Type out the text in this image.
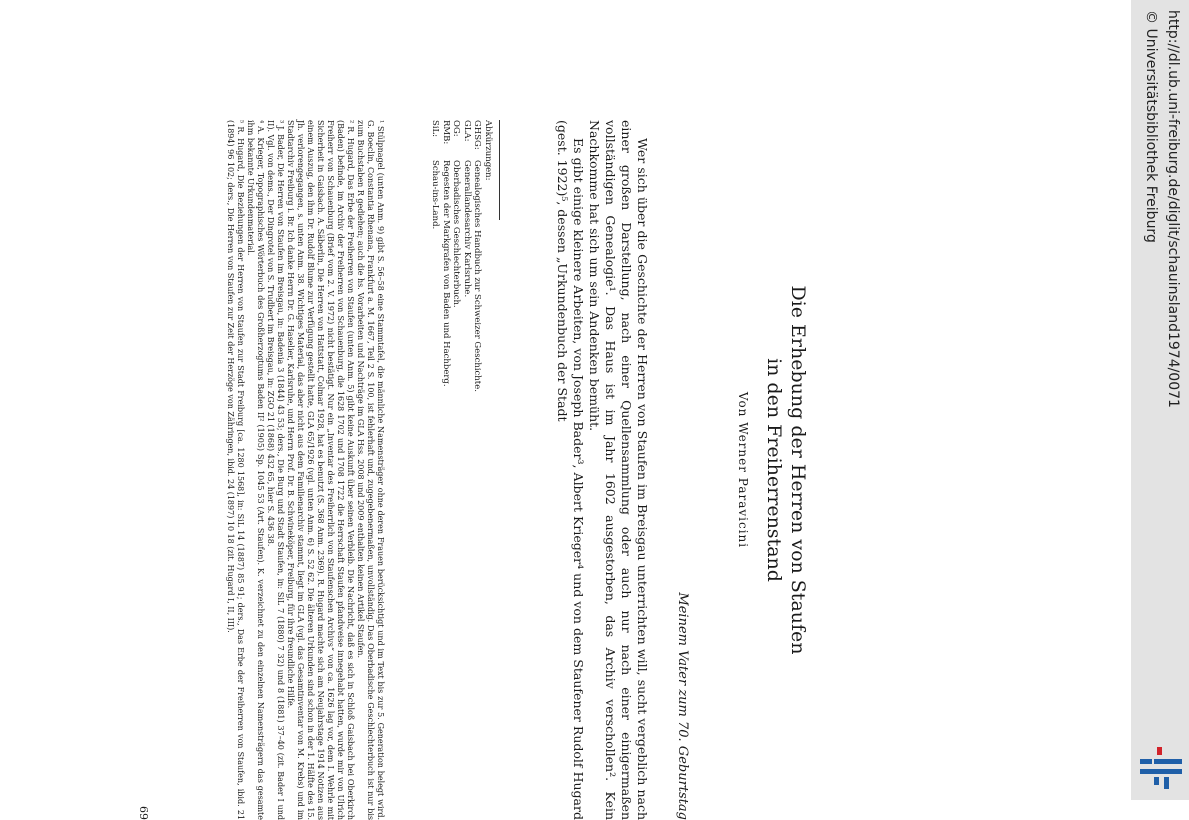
Die Erhebung der Herren von Staufen
in den Freiherrenstand
Von Werner Paravicini
Meinem Vater zum 70. Geburtstag

Wer sich über die Geschichte der Herren von Staufen im Breisgau unterrichten will, sucht vergeblich nach einer großen Darstellung, nach einer Quellensammlung oder auch nur nach einer einigermaßen vollständigen Genealogie¹. Das Haus ist im Jahr 1602 ausgestorben, das Archiv verschollen². Kein Nachkomme hat sich um sein Andenken bemüht.

Es gibt einige kleinere Arbeiten, von Joseph Bader³, Albert Krieger⁴ und von dem Staufener Rudolf Hugard (gest. 1922)⁵, dessen „Urkundenbuch der Stadt

Abkürzungen:
GHSG:
Genealogisches Handbuch zur Schweizer Geschichte.
GLA:
Generallandesarchiv Karlsruhe.
OG:
Oberbadisches Geschlechterbuch.
RMB:
Regesten der Markgrafen von Baden und Hachberg.
SiL:
Schau-ins-Land.

¹ Stülpnagel (unten Anm. 9) gibt S. 56–58 eine Stammtafel, die männliche Namensträger ohne deren Frauen berücksichtigt und im Text bis zur 5. Generation belegt wird. G. Boeclin, Constantia Rhenana, Frankfurt a. M. 1667, Teil 2 S. 100, ist fehlerhaft und, zugegebenermaßen, unvollständig. Das Oberbadische Geschlechterbuch ist nur bis zum Buchstaben R gediehen; auch die hs. Vorarbeiten und Nachträge im GLA Hss. 2008 und 2009 enthalten keinen Artikel Staufen.

² R. Hugard, Das Erbe der Freiherren von Staufen (unten Anm. 5) gibt keine Auskunft über seinen Verbleib. Die Nachricht, daß es sich in Schloß Gaisbach bei Oberkirch (Baden) befinde, im Archiv der Freiherren von Schauenburg, die 1628 1702 und 1708 1722 die Herrschaft Staufen pfandweise innegehabt hatten, wurde mir von Ulrich Freiherr von Schauenburg (Brief vom 2. V. 1972) nicht bestätigt. Nur ein „Inventar des Freiherrlich von Staufenschen Archivs“ von ca. 1626 lag vor, dem I. Wehrle mit Sicherheit in Gaisbach. A. Säberlin, Die Herren von Hattstatt, Colmar 1928, hat es benutzt (S. 368 Anm. 2369). R. Hugard machte sich am Neujahrstage 1914 Notizen aus einem Auszug, den ihm Dr. Rudolf Blume zur Verfügung gestellt hatte, GLA 65/1926 (vgl. unten Anm. 6) S. 52 62. Die älteren Urkunden sind schon in der 1. Hälfte des 15. Jh. verlorengegangen, s. unten Anm. 38. Wichtiges Material, das aber nicht aus dem Familienarchiv stammt, liegt im GLA (vgl. das Gesamtinventar von M. Krebs) und im Stadtarchiv Freiburg i. Br. Ich danke Herrn Dr. G. Haselier, Karlsruhe, und Herrn Prof. Dr. B. Schwineköper, Freiburg, für ihre freundliche Hilfe.

³ J. Bader, Die Herren von Staufen im Breisgau, in: Badenia 3 (1844) 43 53; ders., Die Burg und Stadt Staufen, in: SiL 7 (1880) 7 32) und 8 (1881) 37–40 (zit. Bader I und II). Vgl. von dems., Der Dingrotel von S. Trudbert im Breisgau, in: ZGO 21 (1868) 432 65, hier S. 436 38.

⁴ A. Krieger, Topographisches Wörterbuch des Großherzogtums Baden II² (1905) Sp. 1045 53 (Art. Staufen). K. verzeichnet zu den einzelnen Namensträgern das gesamte ihm bekannte Urkundenmaterial.

⁵ R. Hugard, Die Beziehungen der Herren von Staufen zur Stadt Freiburg [ca. 1280 1568], in: SiL 14 (1887) 85 91; ders., Das Erbe der Freiherren von Staufen, ibid. 21 (1894) 96 102; ders., Die Herren von Staufen zur Zeit der Herzöge von Zähringen, ibid. 24 (1897) 10 18 (zit. Hugard I, II, III).

69
http://dl.ub.uni-freiburg.de/diglit/schauinsland1974/0071
© Universitätsbibliothek Freiburg
